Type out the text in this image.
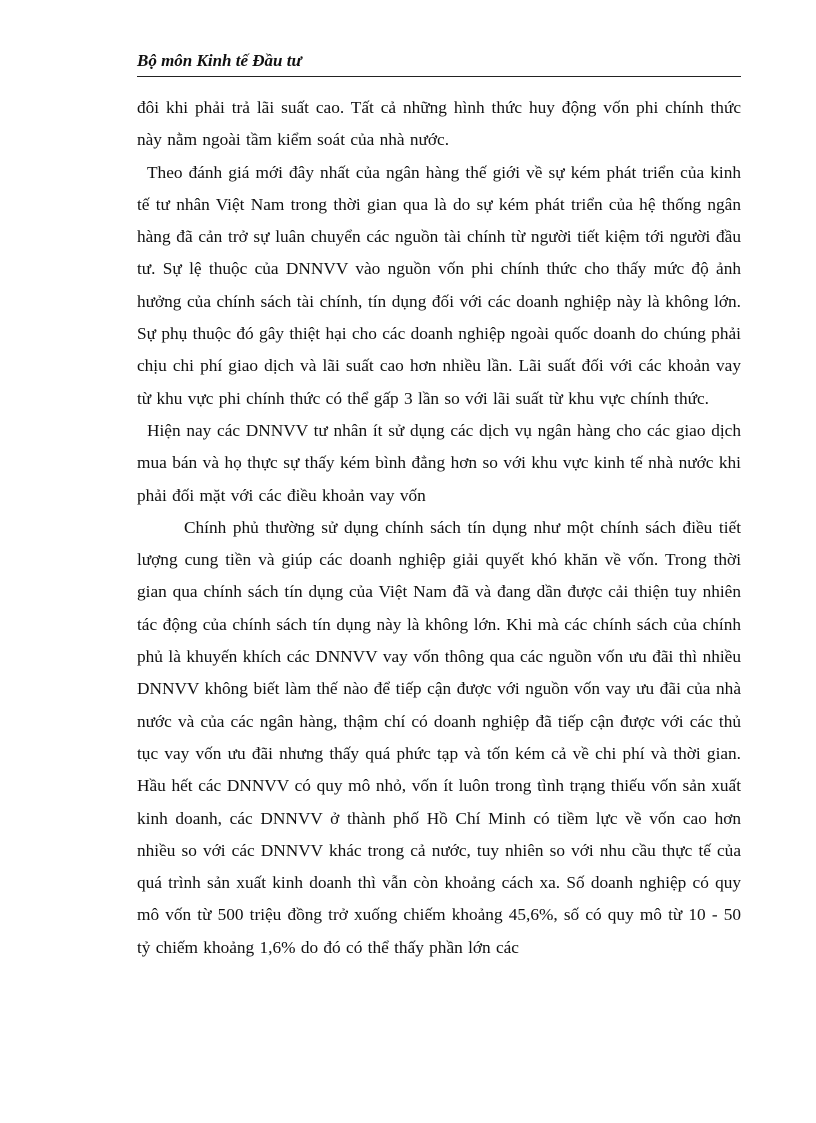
Bộ môn Kinh tế Đầu tư

đôi khi phải trả lãi suất cao. Tất cả những hình thức huy động vốn phi chính thức này nằm ngoài tầm kiểm soát của nhà nước.

Theo đánh giá mới đây nhất của ngân hàng thế giới về sự kém phát triển của kinh tế tư nhân Việt Nam trong thời gian qua là do sự kém phát triển của hệ thống ngân hàng đã cản trở sự luân chuyển các nguồn tài chính từ người tiết kiệm tới người đầu tư. Sự lệ thuộc của DNNVV vào nguồn vốn phi chính thức cho thấy mức độ ảnh hưởng của chính sách tài chính, tín dụng đối với các doanh nghiệp này là không lớn. Sự phụ thuộc đó gây thiệt hại cho các doanh nghiệp ngoài quốc doanh do chúng phải chịu chi phí giao dịch và lãi suất cao hơn nhiều lần. Lãi suất đối với các khoản vay từ khu vực phi chính thức có thể gấp 3 lần so với lãi suất từ khu vực chính thức.

Hiện nay các DNNVV tư nhân ít sử dụng các dịch vụ ngân hàng cho các giao dịch mua bán và họ thực sự thấy kém bình đẳng hơn so với khu vực kinh tế nhà nước khi phải đối mặt với các điều khoản vay vốn

Chính phủ thường sử dụng chính sách tín dụng như một chính sách điều tiết lượng cung tiền và giúp các doanh nghiệp giải quyết khó khăn về vốn. Trong thời gian qua chính sách tín dụng của Việt Nam đã và đang dần được cải thiện tuy nhiên tác động của chính sách tín dụng này là không lớn. Khi mà các chính sách của chính phủ là khuyến khích các DNNVV vay vốn thông qua các nguồn vốn ưu đãi thì nhiều DNNVV không biết làm thế nào để tiếp cận được với nguồn vốn vay ưu đãi của nhà nước và của các ngân hàng, thậm chí có doanh nghiệp đã tiếp cận được với các thủ tục vay vốn ưu đãi nhưng thấy quá phức tạp và tốn kém cả về chi phí và thời gian. Hầu hết các DNNVV có quy mô nhỏ, vốn ít luôn trong tình trạng thiếu vốn sản xuất kinh doanh, các DNNVV ở thành phố Hồ Chí Minh có tiềm lực về vốn cao hơn nhiều so với các DNNVV khác trong cả nước, tuy nhiên so với nhu cầu thực tế của quá trình sản xuất kinh doanh thì vẫn còn khoảng cách xa. Số doanh nghiệp có quy mô vốn từ 500 triệu đồng trở xuống chiếm khoảng 45,6%, số có quy mô từ 10 - 50 tỷ chiếm khoảng 1,6% do đó có thể thấy phần lớn các
